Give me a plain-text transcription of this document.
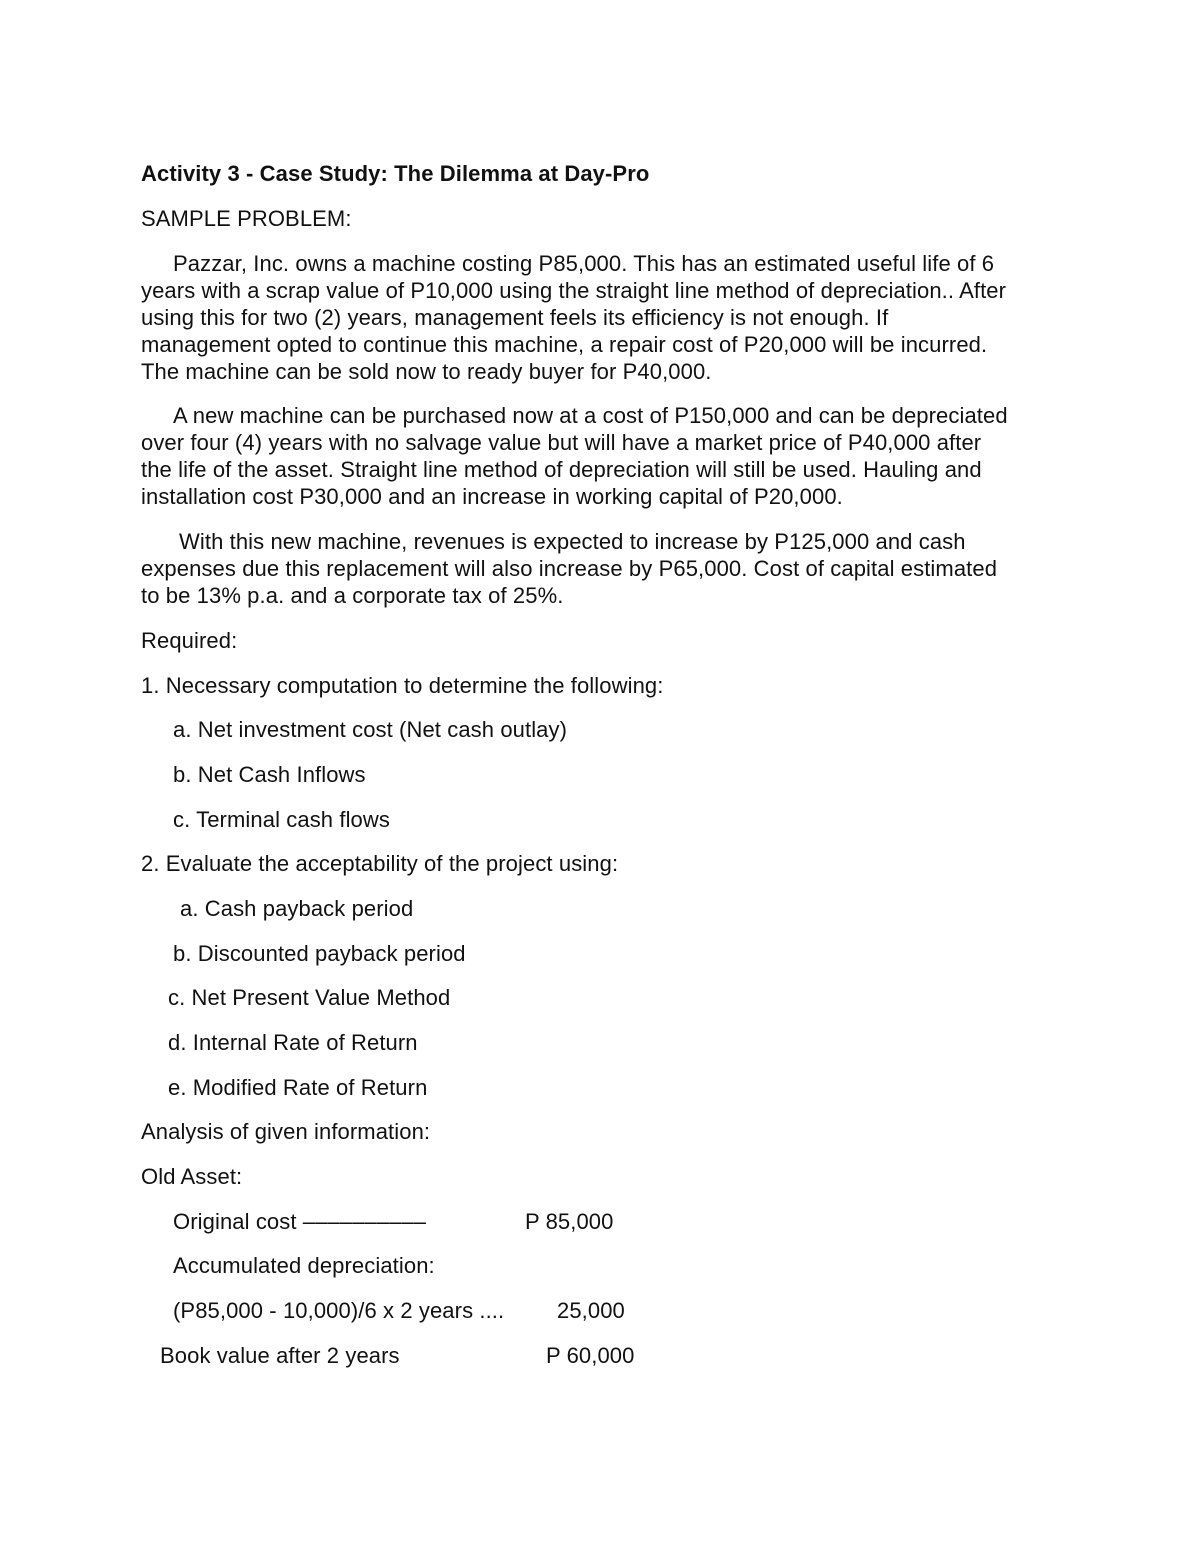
Activity 3 - Case Study: The Dilemma at Day-Pro
SAMPLE PROBLEM:
Pazzar, Inc. owns a machine costing P85,000. This has an estimated useful life of 6
years with a scrap value of P10,000 using the straight line method of depreciation.. After
using this for two (2) years, management feels its efficiency is not enough. If
management opted to continue this machine, a repair cost of P20,000 will be incurred.
The machine can be sold now to ready buyer for P40,000.
A new machine can be purchased now at a cost of P150,000 and can be depreciated
over four (4) years with no salvage value but will have a market price of P40,000 after
the life of the asset. Straight line method of depreciation will still be used. Hauling and
installation cost P30,000 and an increase in working capital of P20,000.
With this new machine, revenues is expected to increase by P125,000 and cash
expenses due this replacement will also increase by P65,000. Cost of capital estimated
to be 13% p.a. and a corporate tax of 25%.
Required:
1. Necessary computation to determine the following:
a. Net investment cost (Net cash outlay)
b. Net Cash Inflows
c. Terminal cash flows
2. Evaluate the acceptability of the project using:
a. Cash payback period
b. Discounted payback period
c. Net Present Value Method
d. Internal Rate of Return
e. Modified Rate of Return
Analysis of given information:
Old Asset:
Original cost ––––––––––	P 85,000
Accumulated depreciation:
(P85,000 - 10,000)/6 x 2 years .... 25,000
Book value after 2 years	P 60,000
